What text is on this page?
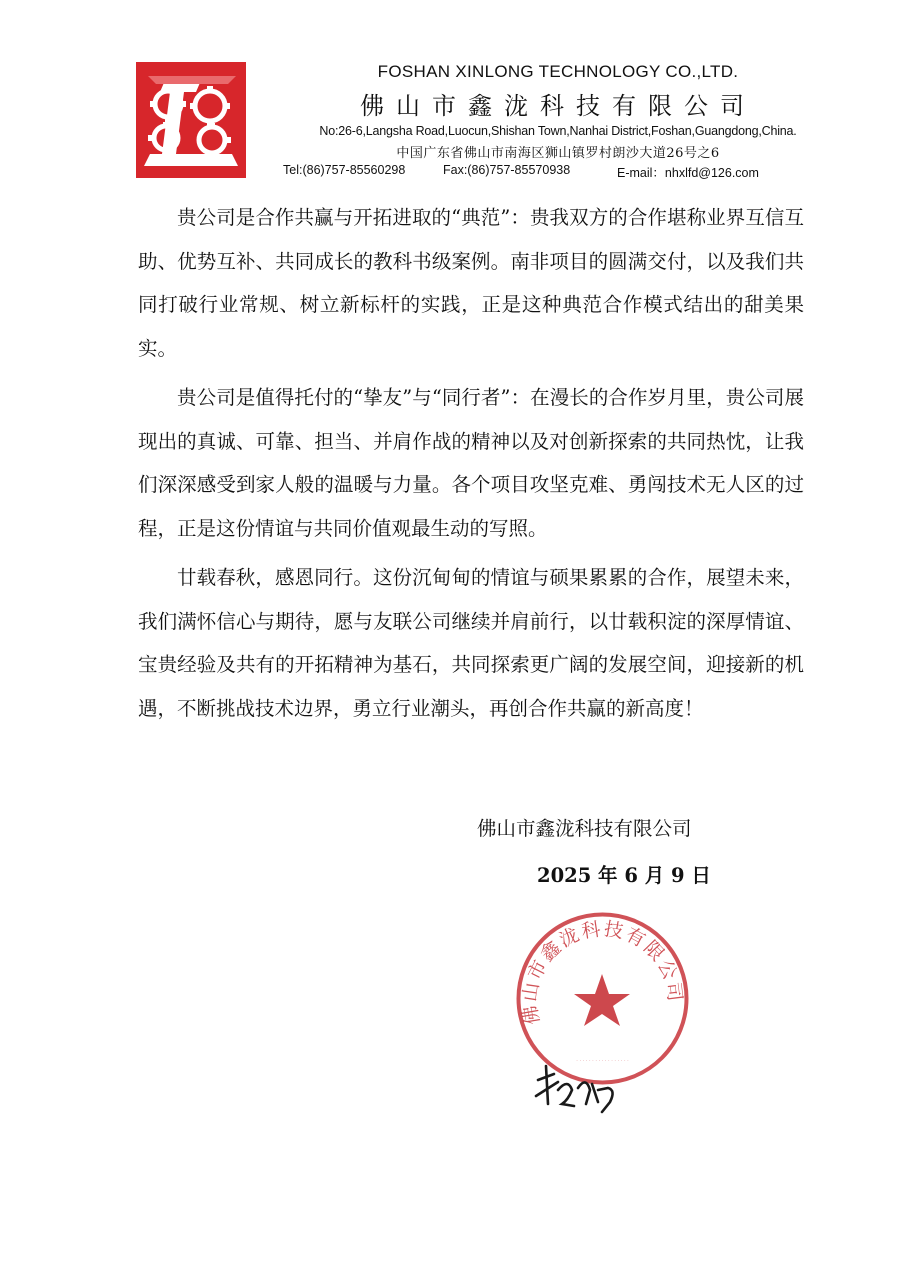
FOSHAN XINLONG TECHNOLOGY CO.,LTD.
佛山市鑫泷科技有限公司
No:26-6,Langsha Road,Luocun,Shishan Town,Nanhai District,Foshan,Guangdong,China.
中国广东省佛山市南海区狮山镇罗村朗沙大道26号之6
Tel:(86)757-85560298	Fax:(86)757-85570938	E-mail：nhxlfd@126.com

贵公司是合作共赢与开拓进取的“典范”：贵我双方的合作堪称业界互信互助、优势互补、共同成长的教科书级案例。南非项目的圆满交付，以及我们共同打破行业常规、树立新标杆的实践，正是这种典范合作模式结出的甜美果实。

贵公司是值得托付的“挚友”与“同行者”：在漫长的合作岁月里，贵公司展现出的真诚、可靠、担当、并肩作战的精神以及对创新探索的共同热忱，让我们深深感受到家人般的温暖与力量。各个项目攻坚克难、勇闯技术无人区的过程，正是这份情谊与共同价值观最生动的写照。

廿载春秋，感恩同行。这份沉甸甸的情谊与硕果累累的合作，展望未来，我们满怀信心与期待，愿与友联公司继续并肩前行，以廿载积淀的深厚情谊、宝贵经验及共有的开拓精神为基石，共同探索更广阔的发展空间，迎接新的机遇，不断挑战技术边界，勇立行业潮头，再创合作共赢的新高度！

佛山市鑫泷科技有限公司
2025 年 6 月 9 日
佛山市鑫泷科技有限公司
· · · · · · · · · · · · · · · · ·
